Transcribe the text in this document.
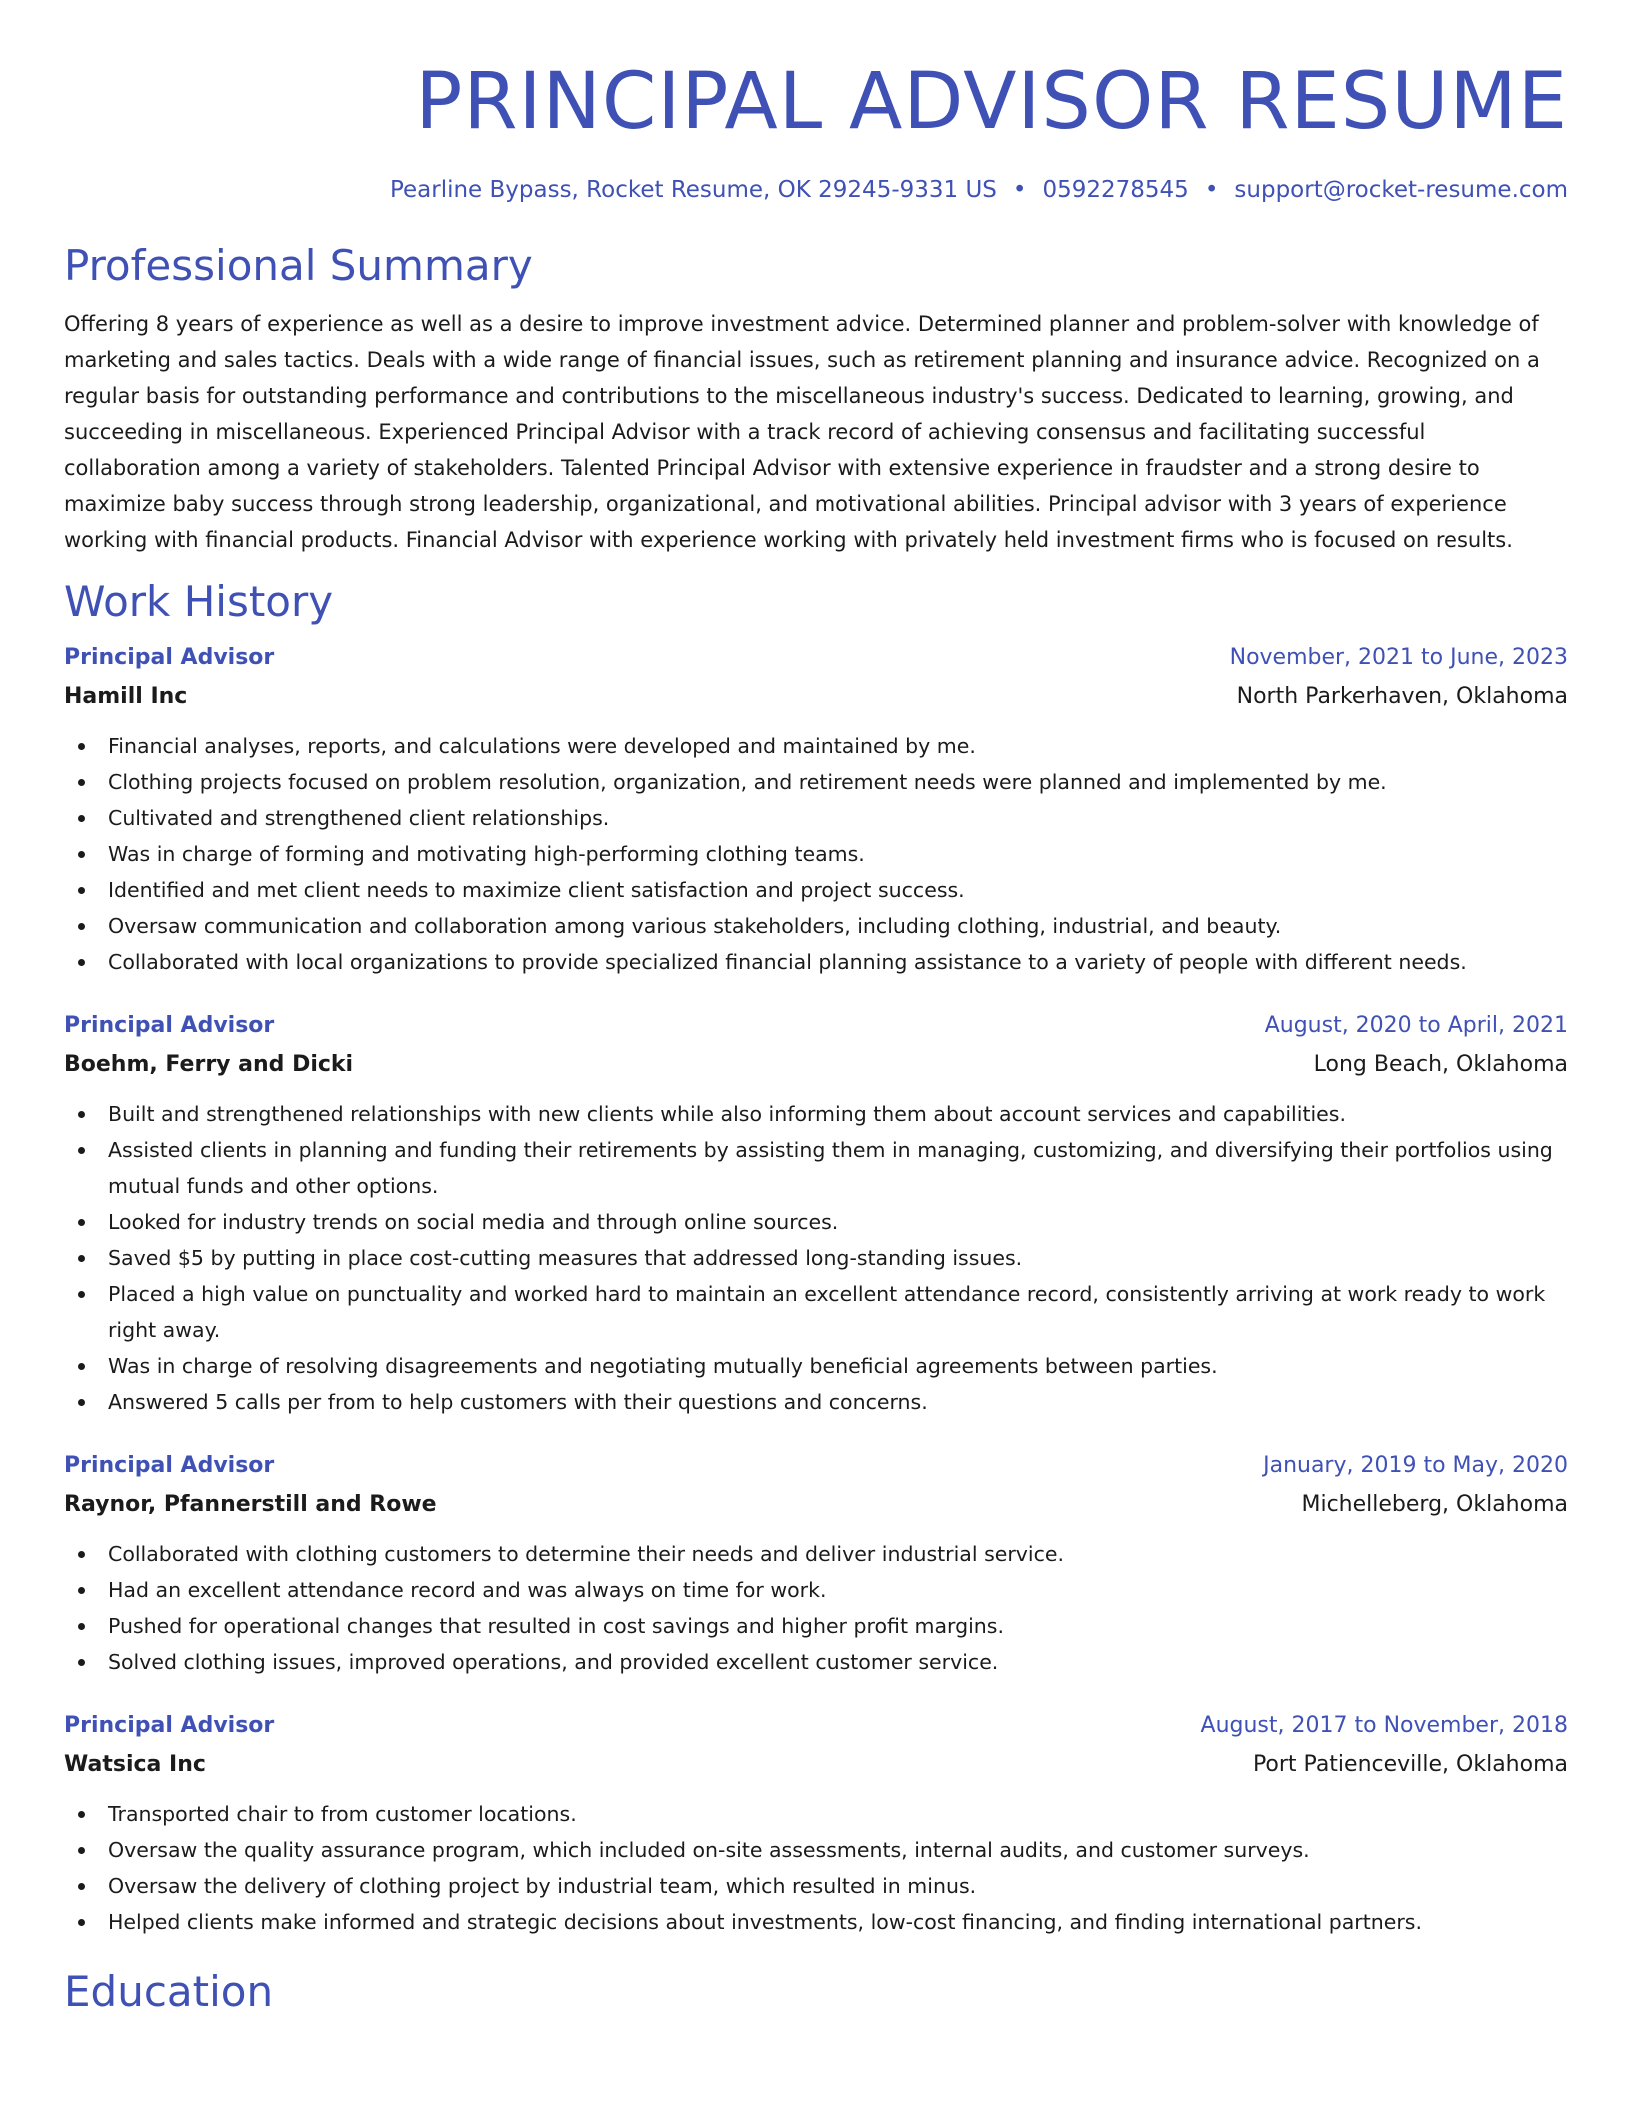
PRINCIPAL ADVISOR RESUME
Pearline Bypass, Rocket Resume, OK 29245-9331 US • 0592278545 • support@rocket-resume.com
Professional Summary

Offering 8 years of experience as well as a desire to improve investment advice. Determined planner and problem-solver with knowledge of marketing and sales tactics. Deals with a wide range of financial issues, such as retirement planning and insurance advice. Recognized on a regular basis for outstanding performance and contributions to the miscellaneous industry's success. Dedicated to learning, growing, and succeeding in miscellaneous. Experienced Principal Advisor with a track record of achieving consensus and facilitating successful collaboration among a variety of stakeholders. Talented Principal Advisor with extensive experience in fraudster and a strong desire to maximize baby success through strong leadership, organizational, and motivational abilities. Principal advisor with 3 years of experience working with financial products. Financial Advisor with experience working with privately held investment firms who is focused on results.

Work History
Principal Advisor	November, 2021 to June, 2023
Hamill Inc	North Parkerhaven, Oklahoma
Financial analyses, reports, and calculations were developed and maintained by me.
Clothing projects focused on problem resolution, organization, and retirement needs were planned and implemented by me.
Cultivated and strengthened client relationships.
Was in charge of forming and motivating high-performing clothing teams.
Identified and met client needs to maximize client satisfaction and project success.
Oversaw communication and collaboration among various stakeholders, including clothing, industrial, and beauty.
Collaborated with local organizations to provide specialized financial planning assistance to a variety of people with different needs.
Principal Advisor	August, 2020 to April, 2021
Boehm, Ferry and Dicki	Long Beach, Oklahoma
Built and strengthened relationships with new clients while also informing them about account services and capabilities.
Assisted clients in planning and funding their retirements by assisting them in managing, customizing, and diversifying their portfolios using mutual funds and other options.
Looked for industry trends on social media and through online sources.
Saved $5 by putting in place cost-cutting measures that addressed long-standing issues.
Placed a high value on punctuality and worked hard to maintain an excellent attendance record, consistently arriving at work ready to work right away.
Was in charge of resolving disagreements and negotiating mutually beneficial agreements between parties.
Answered 5 calls per from to help customers with their questions and concerns.
Principal Advisor	January, 2019 to May, 2020
Raynor, Pfannerstill and Rowe	Michelleberg, Oklahoma
Collaborated with clothing customers to determine their needs and deliver industrial service.
Had an excellent attendance record and was always on time for work.
Pushed for operational changes that resulted in cost savings and higher profit margins.
Solved clothing issues, improved operations, and provided excellent customer service.
Principal Advisor	August, 2017 to November, 2018
Watsica Inc	Port Patienceville, Oklahoma
Transported chair to from customer locations.
Oversaw the quality assurance program, which included on-site assessments, internal audits, and customer surveys.
Oversaw the delivery of clothing project by industrial team, which resulted in minus.
Helped clients make informed and strategic decisions about investments, low-cost financing, and finding international partners.
Education
